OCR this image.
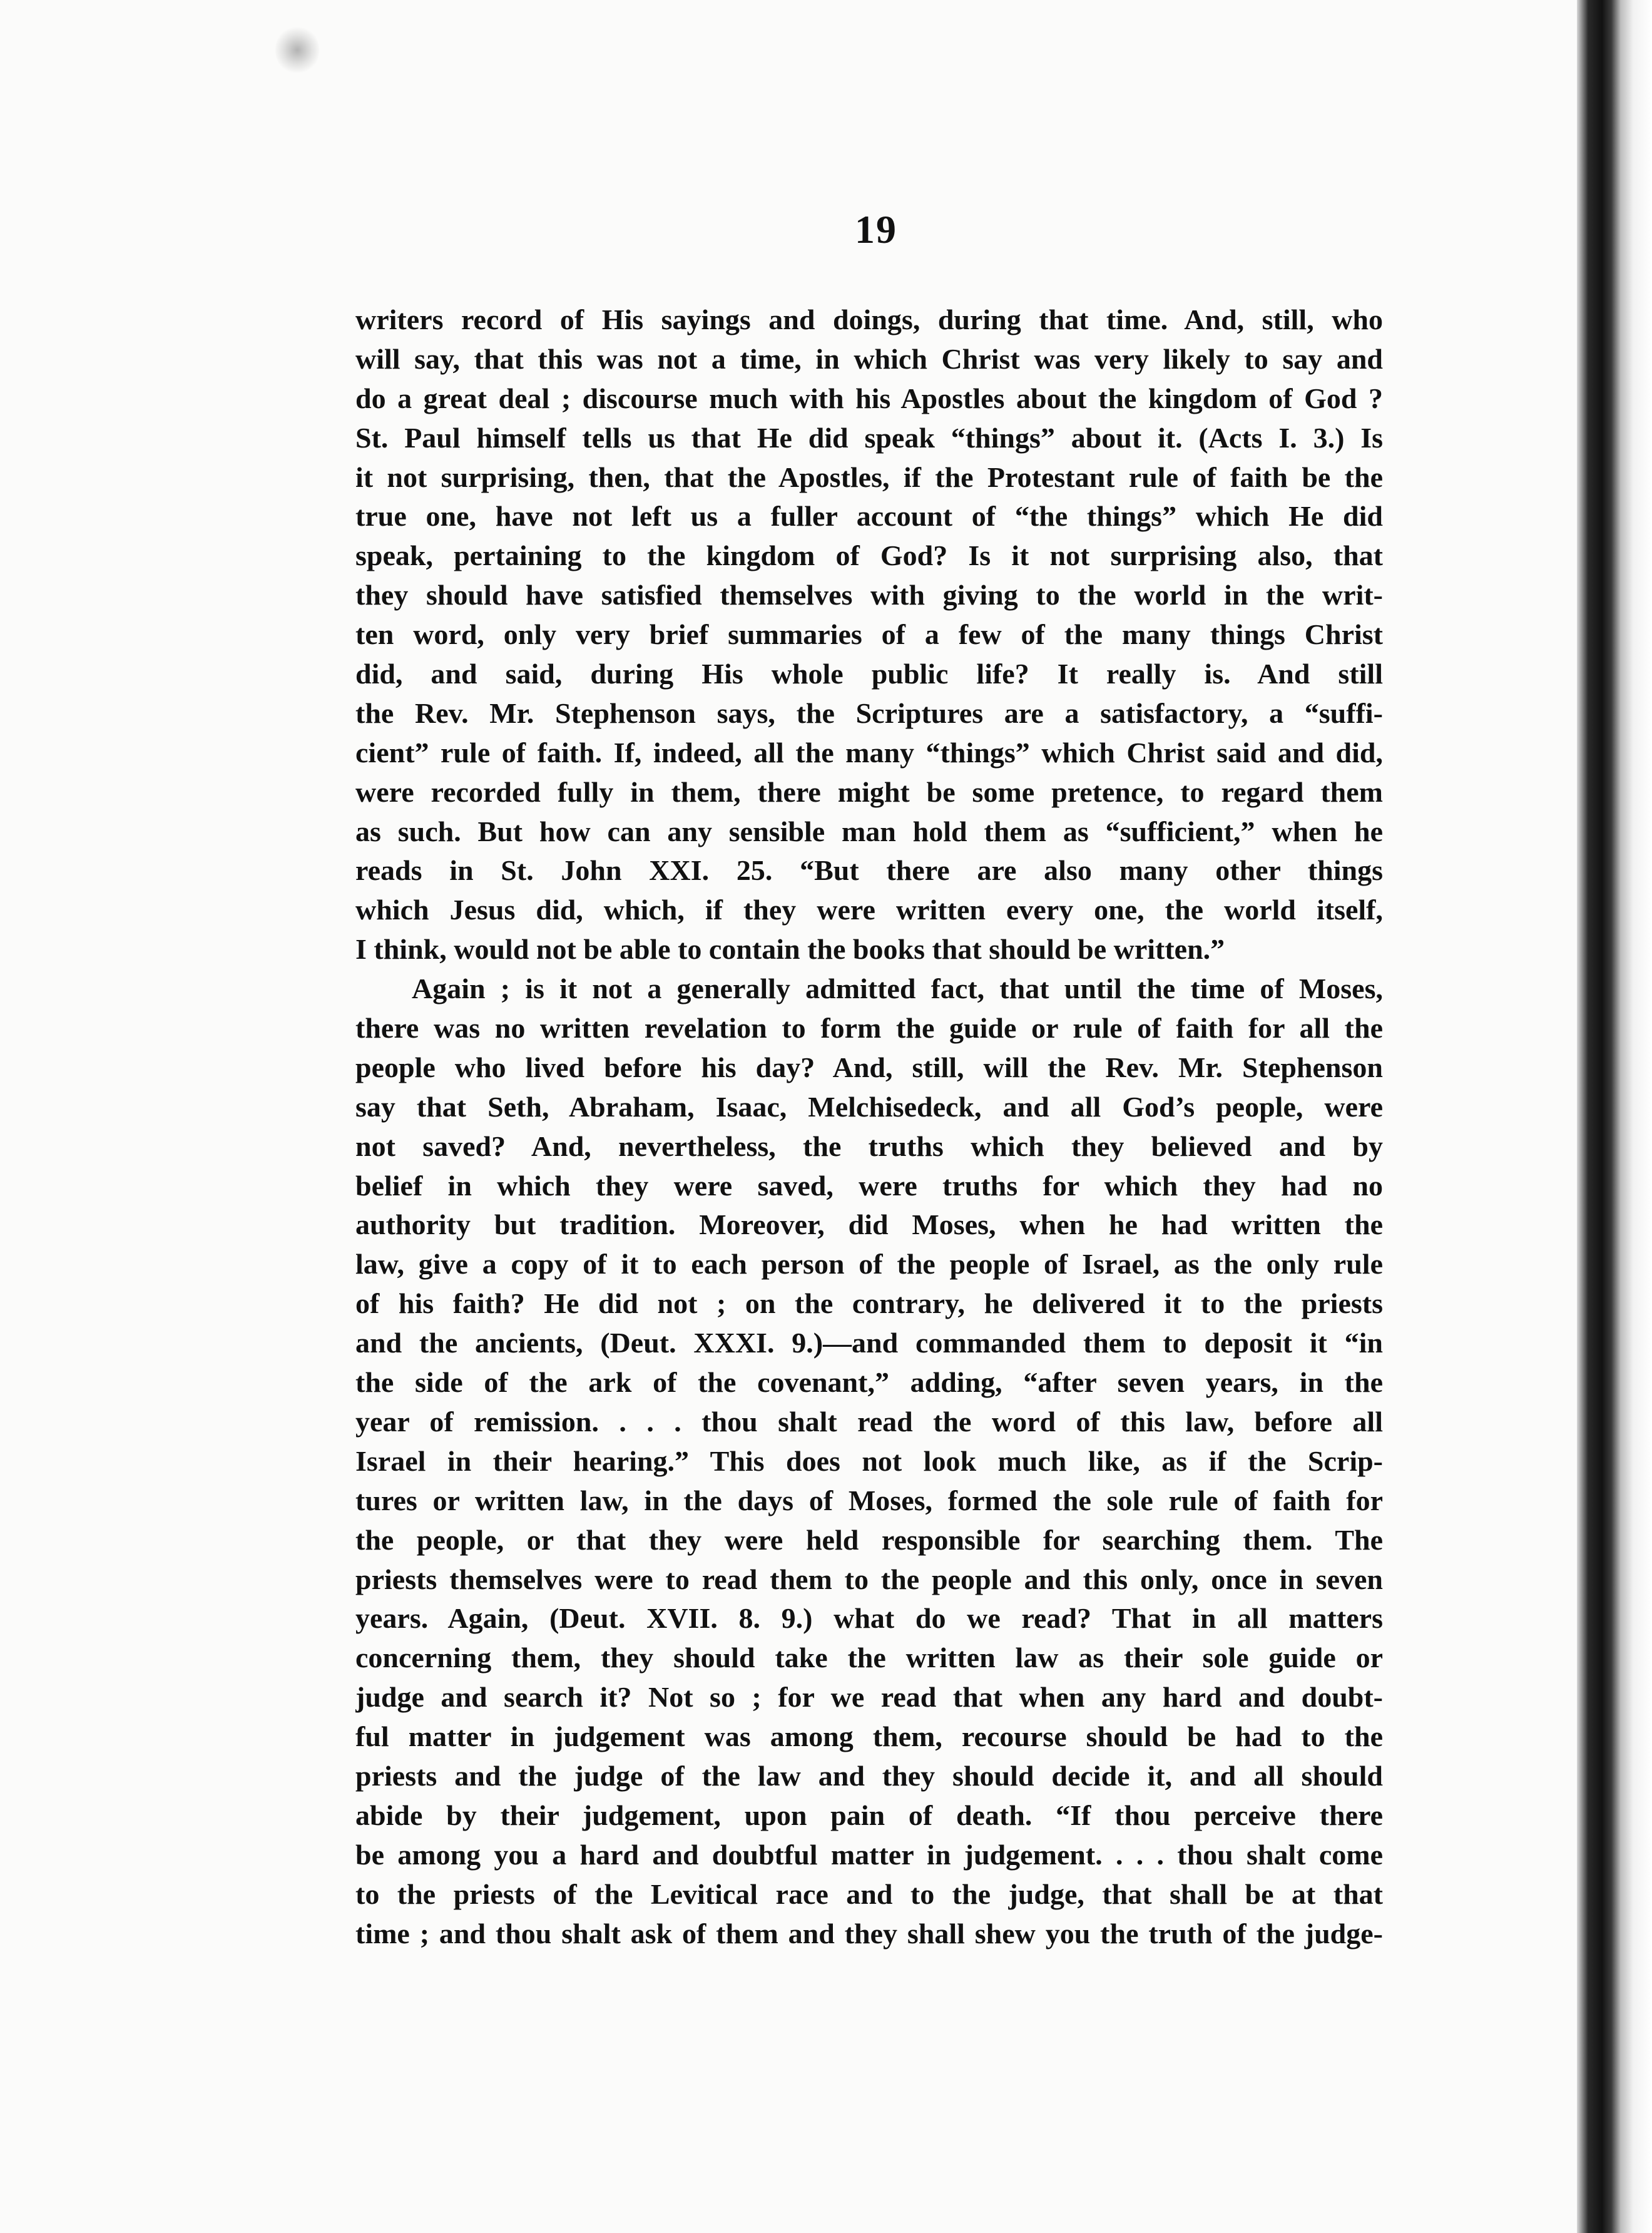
19
writers record of His sayings and doings, during that time. And, still, who
will say, that this was not a time, in which Christ was very likely to say and
do a great deal ; discourse much with his Apostles about the kingdom of God ?
St. Paul himself tells us that He did speak “things” about it. (Acts I. 3.) Is
it not surprising, then, that the Apostles, if the Protestant rule of faith be the
true one, have not left us a fuller account of “the things” which He did
speak, pertaining to the kingdom of God? Is it not surprising also, that
they should have satisfied themselves with giving to the world in the writ-
ten word, only very brief summaries of a few of the many things Christ
did, and said, during His whole public life? It really is. And still
the Rev. Mr. Stephenson says, the Scriptures are a satisfactory, a “suffi-
cient” rule of faith. If, indeed, all the many “things” which Christ said and did,
were recorded fully in them, there might be some pretence, to regard them
as such. But how can any sensible man hold them as “sufficient,” when he
reads in St. John XXI. 25. “But there are also many other things
which Jesus did, which, if they were written every one, the world itself,
I think, would not be able to contain the books that should be written.”
Again ; is it not a generally admitted fact, that until the time of Moses,
there was no written revelation to form the guide or rule of faith for all the
people who lived before his day? And, still, will the Rev. Mr. Stephenson
say that Seth, Abraham, Isaac, Melchisedeck, and all God’s people, were
not saved? And, nevertheless, the truths which they believed and by
belief in which they were saved, were truths for which they had no
authority but tradition. Moreover, did Moses, when he had written the
law, give a copy of it to each person of the people of Israel, as the only rule
of his faith? He did not ; on the contrary, he delivered it to the priests
and the ancients, (Deut. XXXI. 9.)—and commanded them to deposit it “in
the side of the ark of the covenant,” adding, “after seven years, in the
year of remission. . . . thou shalt read the word of this law, before all
Israel in their hearing.” This does not look much like, as if the Scrip-
tures or written law, in the days of Moses, formed the sole rule of faith for
the people, or that they were held responsible for searching them. The
priests themselves were to read them to the people and this only, once in seven
years. Again, (Deut. XVII. 8. 9.) what do we read? That in all matters
concerning them, they should take the written law as their sole guide or
judge and search it? Not so ; for we read that when any hard and doubt-
ful matter in judgement was among them, recourse should be had to the
priests and the judge of the law and they should decide it, and all should
abide by their judgement, upon pain of death. “If thou perceive there
be among you a hard and doubtful matter in judgement. . . . thou shalt come
to the priests of the Levitical race and to the judge, that shall be at that
time ; and thou shalt ask of them and they shall shew you the truth of the judge-
